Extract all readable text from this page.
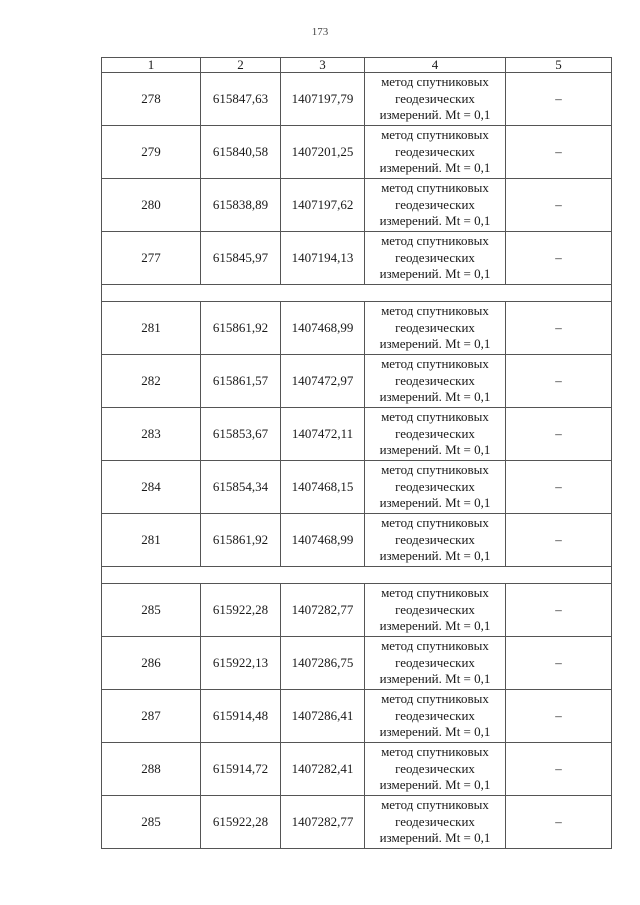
173
1	2	3	4	5
278	615847,63	1407197,79	метод спутниковых
геодезических
измерений. Mt = 0,1	–
279	615840,58	1407201,25	метод спутниковых
геодезических
измерений. Mt = 0,1	–
280	615838,89	1407197,62	метод спутниковых
геодезических
измерений. Mt = 0,1	–
277	615845,97	1407194,13	метод спутниковых
геодезических
измерений. Mt = 0,1	–

281	615861,92	1407468,99	метод спутниковых
геодезических
измерений. Mt = 0,1	–
282	615861,57	1407472,97	метод спутниковых
геодезических
измерений. Mt = 0,1	–
283	615853,67	1407472,11	метод спутниковых
геодезических
измерений. Mt = 0,1	–
284	615854,34	1407468,15	метод спутниковых
геодезических
измерений. Mt = 0,1	–
281	615861,92	1407468,99	метод спутниковых
геодезических
измерений. Mt = 0,1	–

285	615922,28	1407282,77	метод спутниковых
геодезических
измерений. Mt = 0,1	–
286	615922,13	1407286,75	метод спутниковых
геодезических
измерений. Mt = 0,1	–
287	615914,48	1407286,41	метод спутниковых
геодезических
измерений. Mt = 0,1	–
288	615914,72	1407282,41	метод спутниковых
геодезических
измерений. Mt = 0,1	–
285	615922,28	1407282,77	метод спутниковых
геодезических
измерений. Mt = 0,1	–
